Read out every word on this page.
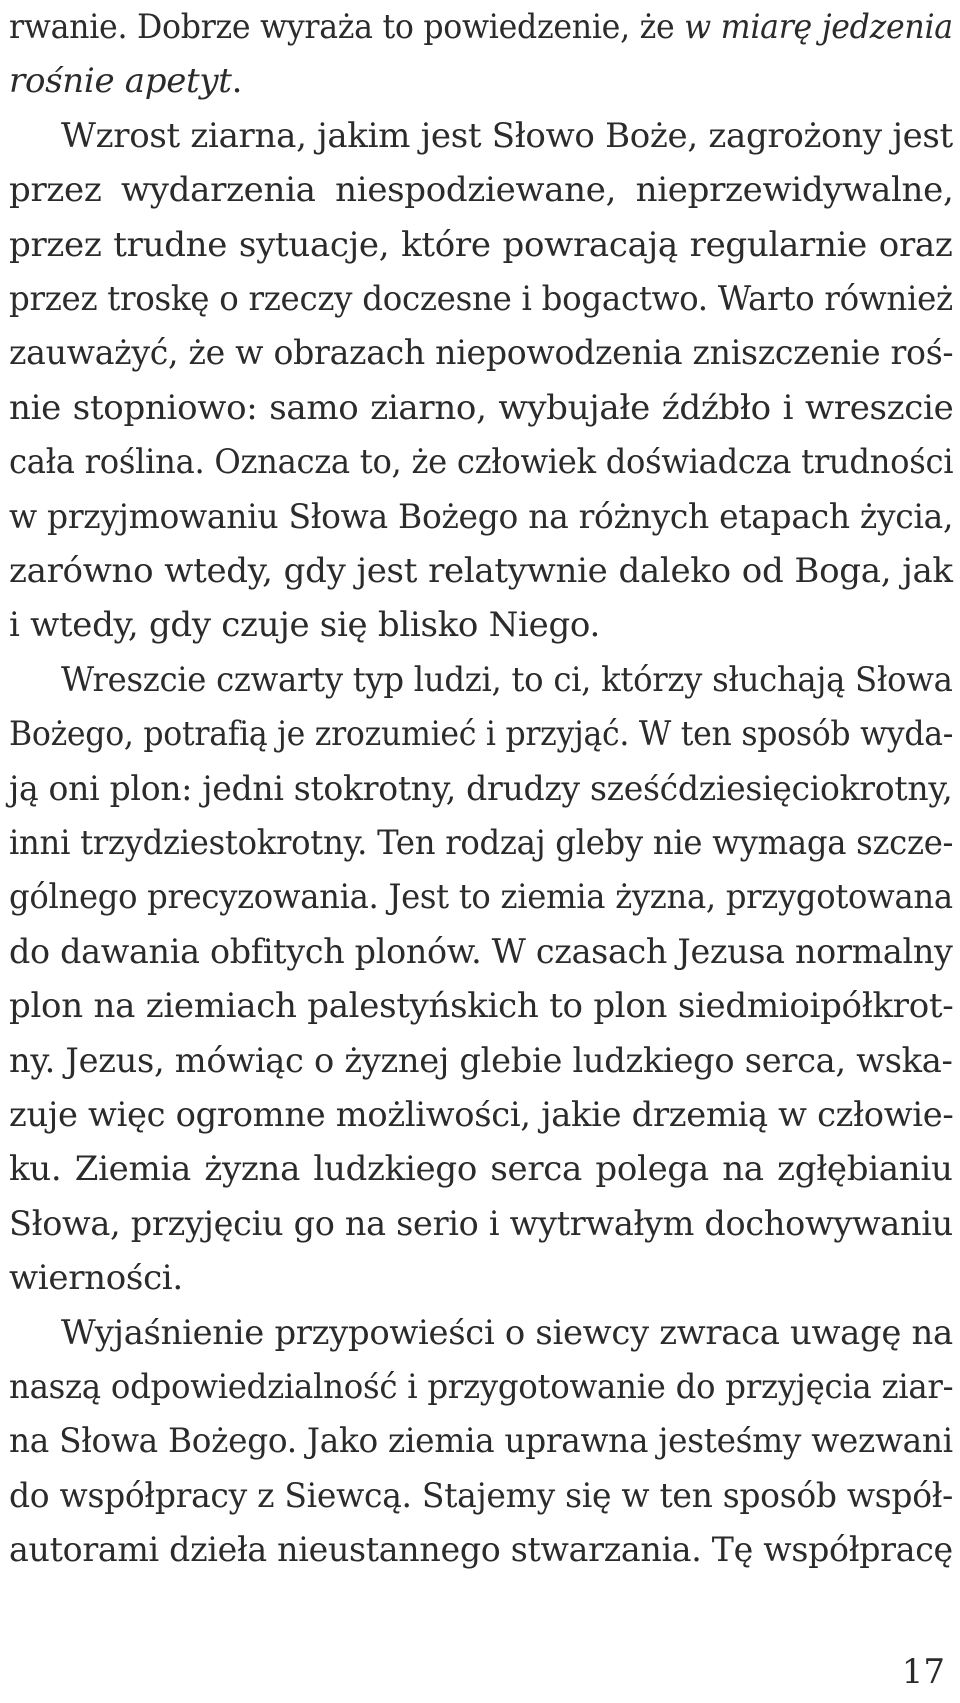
rwanie. Dobrze wyraża to powiedzenie, że w miarę jedzenia
rośnie apetyt.
Wzrost ziarna, jakim jest Słowo Boże, zagrożony jest
przez wydarzenia niespodziewane, nieprzewidywalne,
przez trudne sytuacje, które powracają regularnie oraz
przez troskę o rzeczy doczesne i bogactwo. Warto również
zauważyć, że w obrazach niepowodzenia zniszczenie roś-
nie stopniowo: samo ziarno, wybujałe źdźbło i wreszcie
cała roślina. Oznacza to, że człowiek doświadcza trudności
w przyjmowaniu Słowa Bożego na różnych etapach życia,
zarówno wtedy, gdy jest relatywnie daleko od Boga, jak
i wtedy, gdy czuje się blisko Niego.
Wreszcie czwarty typ ludzi, to ci, którzy słuchają Słowa
Bożego, potrafią je zrozumieć i przyjąć. W ten sposób wyda-
ją oni plon: jedni stokrotny, drudzy sześćdziesięciokrotny,
inni trzydziestokrotny. Ten rodzaj gleby nie wymaga szcze-
gólnego precyzowania. Jest to ziemia żyzna, przygotowana
do dawania obfitych plonów. W czasach Jezusa normalny
plon na ziemiach palestyńskich to plon siedmioipółkrot-
ny. Jezus, mówiąc o żyznej glebie ludzkiego serca, wska-
zuje więc ogromne możliwości, jakie drzemią w człowie-
ku. Ziemia żyzna ludzkiego serca polega na zgłębianiu
Słowa, przyjęciu go na serio i wytrwałym dochowywaniu
wierności.
Wyjaśnienie przypowieści o siewcy zwraca uwagę na
naszą odpowiedzialność i przygotowanie do przyjęcia ziar-
na Słowa Bożego. Jako ziemia uprawna jesteśmy wezwani
do współpracy z Siewcą. Stajemy się w ten sposób współ-
autorami dzieła nieustannego stwarzania. Tę współpracę
17
